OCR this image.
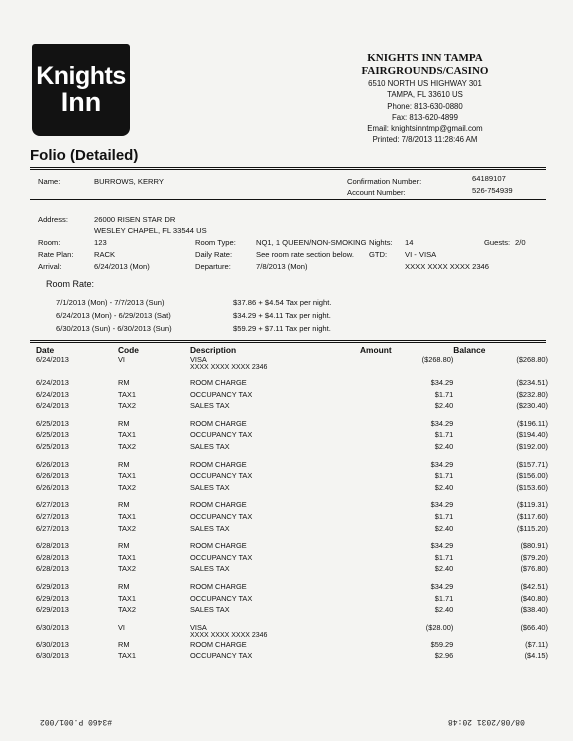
Knights
Inn
KNIGHTS INN TAMPA
FAIRGROUNDS/CASINO
6510 NORTH US HIGHWAY 301
TAMPA, FL 33610 US
Phone: 813-630-0880
Fax: 813-620-4899
Email: knightsinntmp@gmail.com
Printed: 7/8/2013 11:28:46 AM
Folio (Detailed)
Name:	BURROWS, KERRY	Confirmation Number:	64189107
Account Number:	526-754939
Address:	26000 RISEN STAR DR
WESLEY CHAPEL, FL 33544 US
Room:	123	Room Type:	NQ1, 1 QUEEN/NON-SMOKING Nights: 14	Guests: 2/0
Rate Plan:	RACK	Daily Rate:	See room rate section below. GTD: VI - VISA
Arrival:	6/24/2013 (Mon)	Departure:	7/8/2013 (Mon)	XXXX XXXX XXXX 2346
Room Rate:
7/1/2013 (Mon) - 7/7/2013 (Sun)	$37.86 + $4.54 Tax per night.
6/24/2013 (Mon) - 6/29/2013 (Sat)	$34.29 + $4.11 Tax per night.
6/30/2013 (Sun) - 6/30/2013 (Sun)	$59.29 + $7.11 Tax per night.
Date	Code	Description	Amount	Balance
6/24/2013	VI	VISA
XXXX XXXX XXXX 2346	($268.80)	($268.80)
6/24/2013	RM	ROOM CHARGE	$34.29	($234.51)
6/24/2013	TAX1	OCCUPANCY TAX	$1.71	($232.80)
6/24/2013	TAX2	SALES TAX	$2.40	($230.40)
6/25/2013	RM	ROOM CHARGE	$34.29	($196.11)
6/25/2013	TAX1	OCCUPANCY TAX	$1.71	($194.40)
6/25/2013	TAX2	SALES TAX	$2.40	($192.00)
6/26/2013	RM	ROOM CHARGE	$34.29	($157.71)
6/26/2013	TAX1	OCCUPANCY TAX	$1.71	($156.00)
6/26/2013	TAX2	SALES TAX	$2.40	($153.60)
6/27/2013	RM	ROOM CHARGE	$34.29	($119.31)
6/27/2013	TAX1	OCCUPANCY TAX	$1.71	($117.60)
6/27/2013	TAX2	SALES TAX	$2.40	($115.20)
6/28/2013	RM	ROOM CHARGE	$34.29	($80.91)
6/28/2013	TAX1	OCCUPANCY TAX	$1.71	($79.20)
6/28/2013	TAX2	SALES TAX	$2.40	($76.80)
6/29/2013	RM	ROOM CHARGE	$34.29	($42.51)
6/29/2013	TAX1	OCCUPANCY TAX	$1.71	($40.80)
6/29/2013	TAX2	SALES TAX	$2.40	($38.40)
6/30/2013	VI	VISA
XXXX XXXX XXXX 2346	($28.00)	($66.40)
6/30/2013	RM	ROOM CHARGE	$59.29	($7.11)
6/30/2013	TAX1	OCCUPANCY TAX	$2.96	($4.15)
#3460 P.001/002	08/08/2031 20:48
